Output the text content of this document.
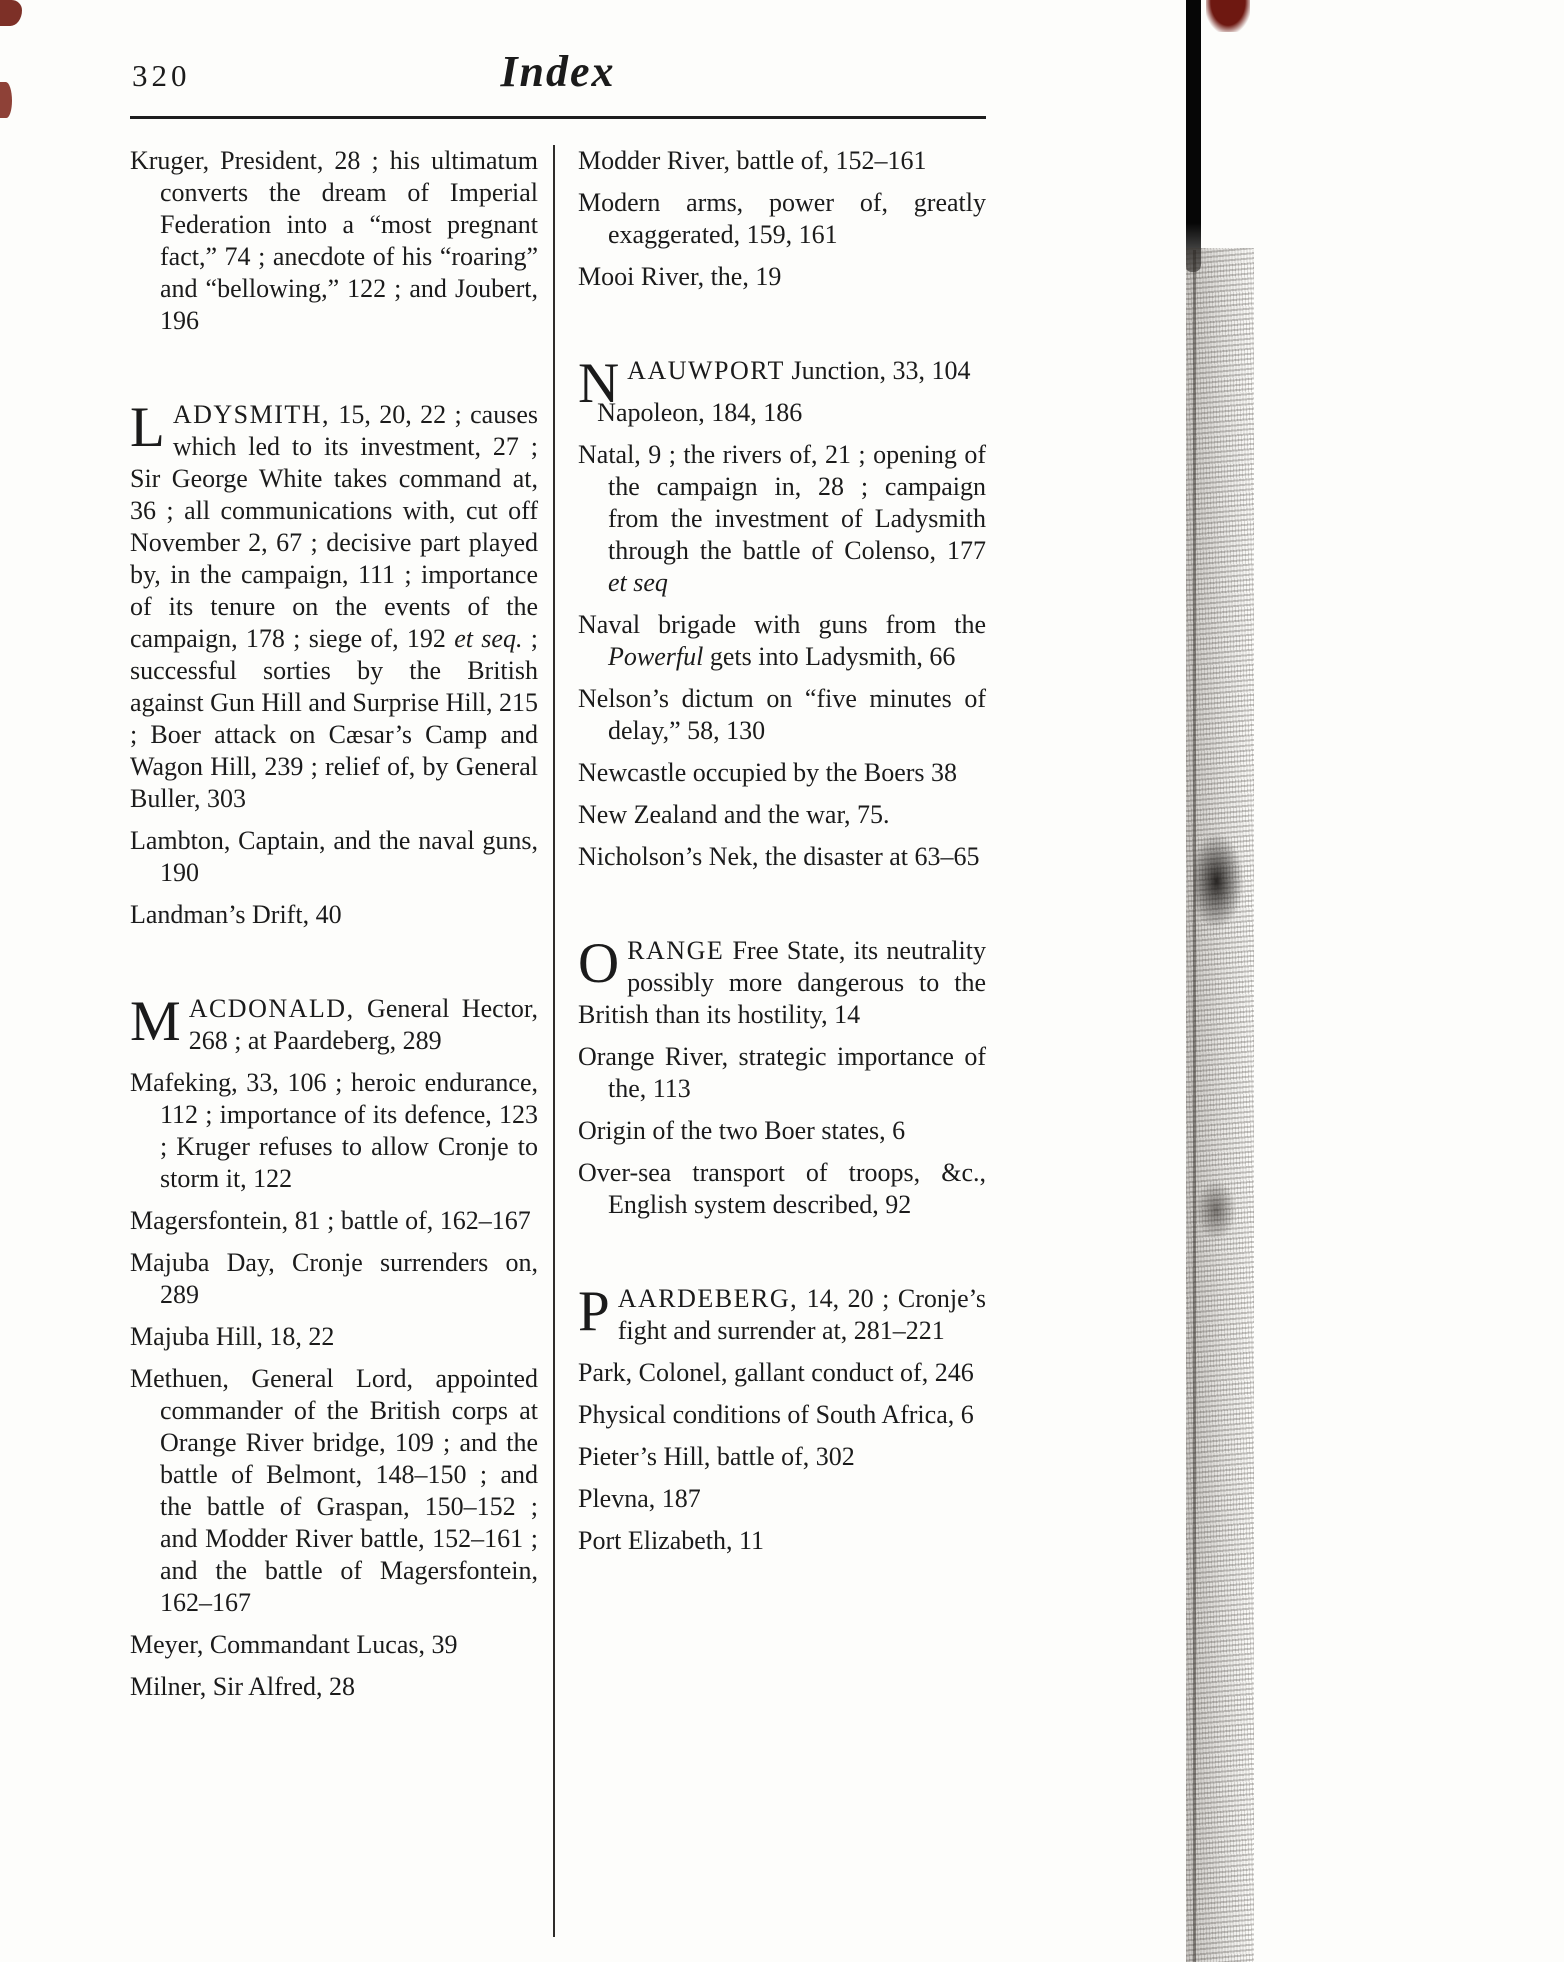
320	Index

Kruger, President, 28 ; his ultimatum converts the dream of Imperial Federation into a “most pregnant fact,” 74 ; anecdote of his “roaring” and “bellowing,” 122 ; and Joubert, 196

LADYSMITH, 15, 20, 22 ; causes which led to its investment, 27 ; Sir George White takes command at, 36 ; all communications with, cut off November 2, 67 ; decisive part played by, in the campaign, 111 ; importance of its tenure on the events of the campaign, 178 ; siege of, 192 et seq. ; successful sorties by the British against Gun Hill and Surprise Hill, 215 ; Boer attack on Cæsar’s Camp and Wagon Hill, 239 ; relief of, by General Buller, 303

Lambton, Captain, and the naval guns, 190

Landman’s Drift, 40

MACDONALD, General Hector, 268 ; at Paardeberg, 289

Mafeking, 33, 106 ; heroic endurance, 112 ; importance of its defence, 123 ; Kruger refuses to allow Cronje to storm it, 122

Magersfontein, 81 ; battle of, 162–167

Majuba Day, Cronje surrenders on, 289

Majuba Hill, 18, 22

Methuen, General Lord, appointed commander of the British corps at Orange River bridge, 109 ; and the battle of Belmont, 148–150 ; and the battle of Graspan, 150–152 ; and Modder River battle, 152–161 ; and the battle of Magersfontein, 162–167

Meyer, Commandant Lucas, 39

Milner, Sir Alfred, 28

Modder River, battle of, 152–161

Modern arms, power of, greatly exaggerated, 159, 161

Mooi River, the, 19

NAAUWPORT Junction, 33, 104

Napoleon, 184, 186

Natal, 9 ; the rivers of, 21 ; opening of the campaign in, 28 ; campaign from the investment of Ladysmith through the battle of Colenso, 177 et seq

Naval brigade with guns from the Powerful gets into Ladysmith, 66

Nelson’s dictum on “five minutes of delay,” 58, 130

Newcastle occupied by the Boers 38

New Zealand and the war, 75.

Nicholson’s Nek, the disaster at 63–65

ORANGE Free State, its neutrality possibly more dangerous to the British than its hostility, 14

Orange River, strategic importance of the, 113

Origin of the two Boer states, 6

Over-sea transport of troops, &c., English system described, 92

PAARDEBERG, 14, 20 ; Cronje’s fight and surrender at, 281–221

Park, Colonel, gallant conduct of, 246

Physical conditions of South Africa, 6

Pieter’s Hill, battle of, 302

Plevna, 187

Port Elizabeth, 11
